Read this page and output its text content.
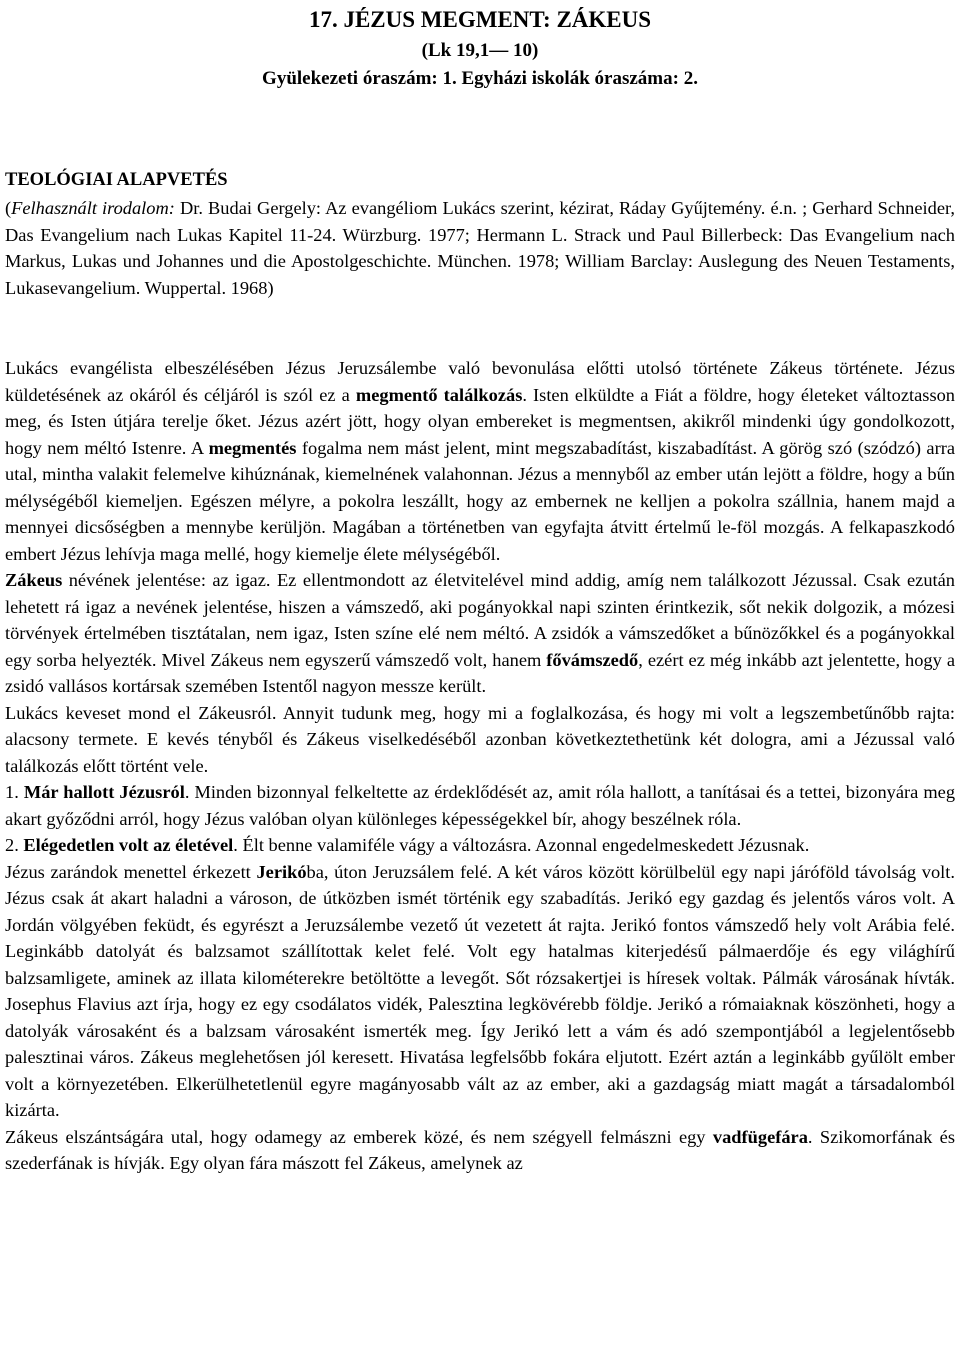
17. JÉZUS MEGMENT: ZÁKEUS
(Lk 19,1— 10)
Gyülekezeti óraszám: 1. Egyházi iskolák óraszáma: 2.
TEOLÓGIAI ALAPVETÉS

(Felhasznált irodalom: Dr. Budai Gergely: Az evangéliom Lukács szerint, kézirat, Ráday Gyűjtemény. é.n. ; Gerhard Schneider, Das Evangelium nach Lukas Kapitel 11-24. Würzburg. 1977; Hermann L. Strack und Paul Billerbeck: Das Evangelium nach Markus, Lukas und Johannes und die Apostolgeschichte. München. 1978; William Barclay: Auslegung des Neuen Testaments, Lukasevangelium. Wuppertal. 1968)

Lukács evangélista elbeszélésében Jézus Jeruzsálembe való bevonulása előtti utolsó története Zákeus története. Jézus küldetésének az okáról és céljáról is szól ez a megmentő találkozás. Isten elküldte a Fiát a földre, hogy életeket változtasson meg, és Isten útjára terelje őket. Jézus azért jött, hogy olyan embereket is megmentsen, akikről mindenki úgy gondolkozott, hogy nem méltó Istenre. A megmentés fogalma nem mást jelent, mint megszabadítást, kiszabadítást. A görög szó (szódzó) arra utal, mintha valakit felemelve kihúznának, kiemelnének valahonnan. Jézus a mennyből az ember után lejött a földre, hogy a bűn mélységéből kiemeljen. Egészen mélyre, a pokolra leszállt, hogy az embernek ne kelljen a pokolra szállnia, hanem majd a mennyei dicsőségben a mennybe kerüljön. Magában a történetben van egyfajta átvitt értelmű le-föl mozgás. A felkapaszkodó embert Jézus lehívja maga mellé, hogy kiemelje élete mélységéből.

Zákeus névének jelentése: az igaz. Ez ellentmondott az életvitelével mind addig, amíg nem találkozott Jézussal. Csak ezután lehetett rá igaz a nevének jelentése, hiszen a vámszedő, aki pogányokkal napi szinten érintkezik, sőt nekik dolgozik, a mózesi törvények értelmében tisztátalan, nem igaz, Isten színe elé nem méltó. A zsidók a vámszedőket a bűnözőkkel és a pogányokkal egy sorba helyezték. Mivel Zákeus nem egyszerű vámszedő volt, hanem fővámszedő, ezért ez még inkább azt jelentette, hogy a zsidó vallásos kortársak szemében Istentől nagyon messze került.

Lukács keveset mond el Zákeusról. Annyit tudunk meg, hogy mi a foglalkozása, és hogy mi volt a legszembetűnőbb rajta: alacsony termete. E kevés tényből és Zákeus viselkedéséből azonban következtethetünk két dologra, ami a Jézussal való találkozás előtt történt vele.

1. Már hallott Jézusról. Minden bizonnyal felkeltette az érdeklődését az, amit róla hallott, a tanításai és a tettei, bizonyára meg akart győződni arról, hogy Jézus valóban olyan különleges képességekkel bír, ahogy beszélnek róla.

2. Elégedetlen volt az életével. Élt benne valamiféle vágy a változásra. Azonnal engedelmeskedett Jézusnak.

Jézus zarándok menettel érkezett Jerikóba, úton Jeruzsálem felé. A két város között körülbelül egy napi járóföld távolság volt. Jézus csak át akart haladni a városon, de útközben ismét történik egy szabadítás. Jerikó egy gazdag és jelentős város volt. A Jordán völgyében feküdt, és egyrészt a Jeruzsálembe vezető út vezetett át rajta. Jerikó fontos vámszedő hely volt Arábia felé. Leginkább datolyát és balzsamot szállítottak kelet felé. Volt egy hatalmas kiterjedésű pálmaerdője és egy világhírű balzsamligete, aminek az illata kilométerekre betöltötte a levegőt. Sőt rózsakertjei is híresek voltak. Pálmák városának hívták. Josephus Flavius azt írja, hogy ez egy csodálatos vidék, Palesztina legkövérebb földje. Jerikó a rómaiaknak köszönheti, hogy a datolyák városaként és a balzsam városaként ismerték meg. Így Jerikó lett a vám és adó szempontjából a legjelentősebb palesztinai város. Zákeus meglehetősen jól keresett. Hivatása legfelsőbb fokára eljutott. Ezért aztán a leginkább gyűlölt ember volt a környezetében. Elkerülhetetlenül egyre magányosabb vált az az ember, aki a gazdagság miatt magát a társadalomból kizárta.

Zákeus elszántságára utal, hogy odamegy az emberek közé, és nem szégyell felmászni egy vadfügefára. Szikomorfának és szederfának is hívják. Egy olyan fára mászott fel Zákeus, amelynek az
